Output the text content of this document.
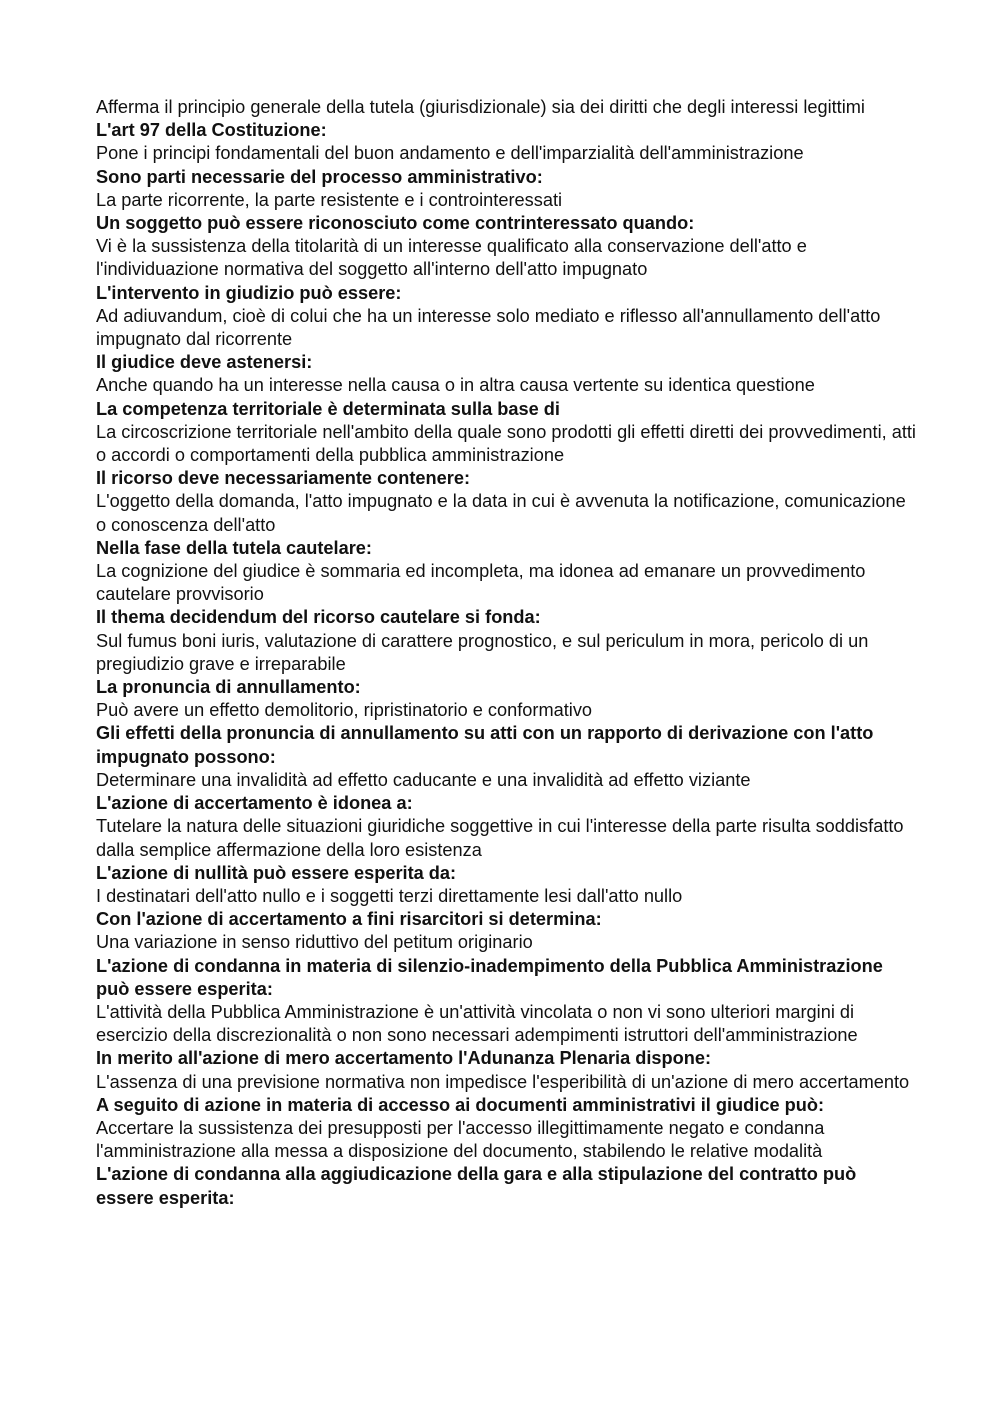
Afferma il principio generale della tutela (giurisdizionale) sia dei diritti che degli interessi legittimi

L'art 97 della Costituzione:

Pone i principi fondamentali del buon andamento e dell'imparzialità dell'amministrazione

Sono parti necessarie del processo amministrativo:

La parte ricorrente, la parte resistente e i controinteressati

Un soggetto può essere riconosciuto come contrinteressato quando:

Vi è la sussistenza della titolarità di un interesse qualificato alla conservazione dell'atto e l'individuazione normativa del soggetto all'interno dell'atto impugnato

L'intervento in giudizio può essere:

Ad adiuvandum, cioè di colui che ha un interesse solo mediato e riflesso all'annullamento dell'atto impugnato dal ricorrente

Il giudice deve astenersi:

Anche quando ha un interesse nella causa o in altra causa vertente su identica questione

La competenza territoriale è determinata sulla base di

La circoscrizione territoriale nell'ambito della quale sono prodotti gli effetti diretti dei provvedimenti, atti o accordi o comportamenti della pubblica amministrazione

Il ricorso deve necessariamente contenere:

L'oggetto della domanda, l'atto impugnato e la data in cui è avvenuta la notificazione, comunicazione o conoscenza dell'atto

Nella fase della tutela cautelare:

La cognizione del giudice è sommaria ed incompleta, ma idonea ad emanare un provvedimento cautelare provvisorio

Il thema decidendum del ricorso cautelare si fonda:

Sul fumus boni iuris, valutazione di carattere prognostico, e sul periculum in mora, pericolo di un pregiudizio grave e irreparabile

La pronuncia di annullamento:

Può avere un effetto demolitorio, ripristinatorio e conformativo

Gli effetti della pronuncia di annullamento su atti con un rapporto di derivazione con l'atto impugnato possono:

Determinare una invalidità ad effetto caducante e una invalidità ad effetto viziante

L'azione di accertamento è idonea a:

Tutelare la natura delle situazioni giuridiche soggettive in cui l'interesse della parte risulta soddisfatto dalla semplice affermazione della loro esistenza

L'azione di nullità può essere esperita da:

I destinatari dell'atto nullo e i soggetti terzi direttamente lesi dall'atto nullo

Con l'azione di accertamento a fini risarcitori si determina:

Una variazione in senso riduttivo del petitum originario

L'azione di condanna in materia di silenzio-inadempimento della Pubblica Amministrazione può essere esperita:

L'attività della Pubblica Amministrazione è un'attività vincolata o non vi sono ulteriori margini di esercizio della discrezionalità o non sono necessari adempimenti istruttori dell'amministrazione

In merito all'azione di mero accertamento l'Adunanza Plenaria dispone:

L'assenza di una previsione normativa non impedisce l'esperibilità di un'azione di mero accertamento

A seguito di azione in materia di accesso ai documenti amministrativi il giudice può:

Accertare la sussistenza dei presupposti per l'accesso illegittimamente negato e condanna l'amministrazione alla messa a disposizione del documento, stabilendo le relative modalità

L'azione di condanna alla aggiudicazione della gara e alla stipulazione del contratto può essere esperita:
